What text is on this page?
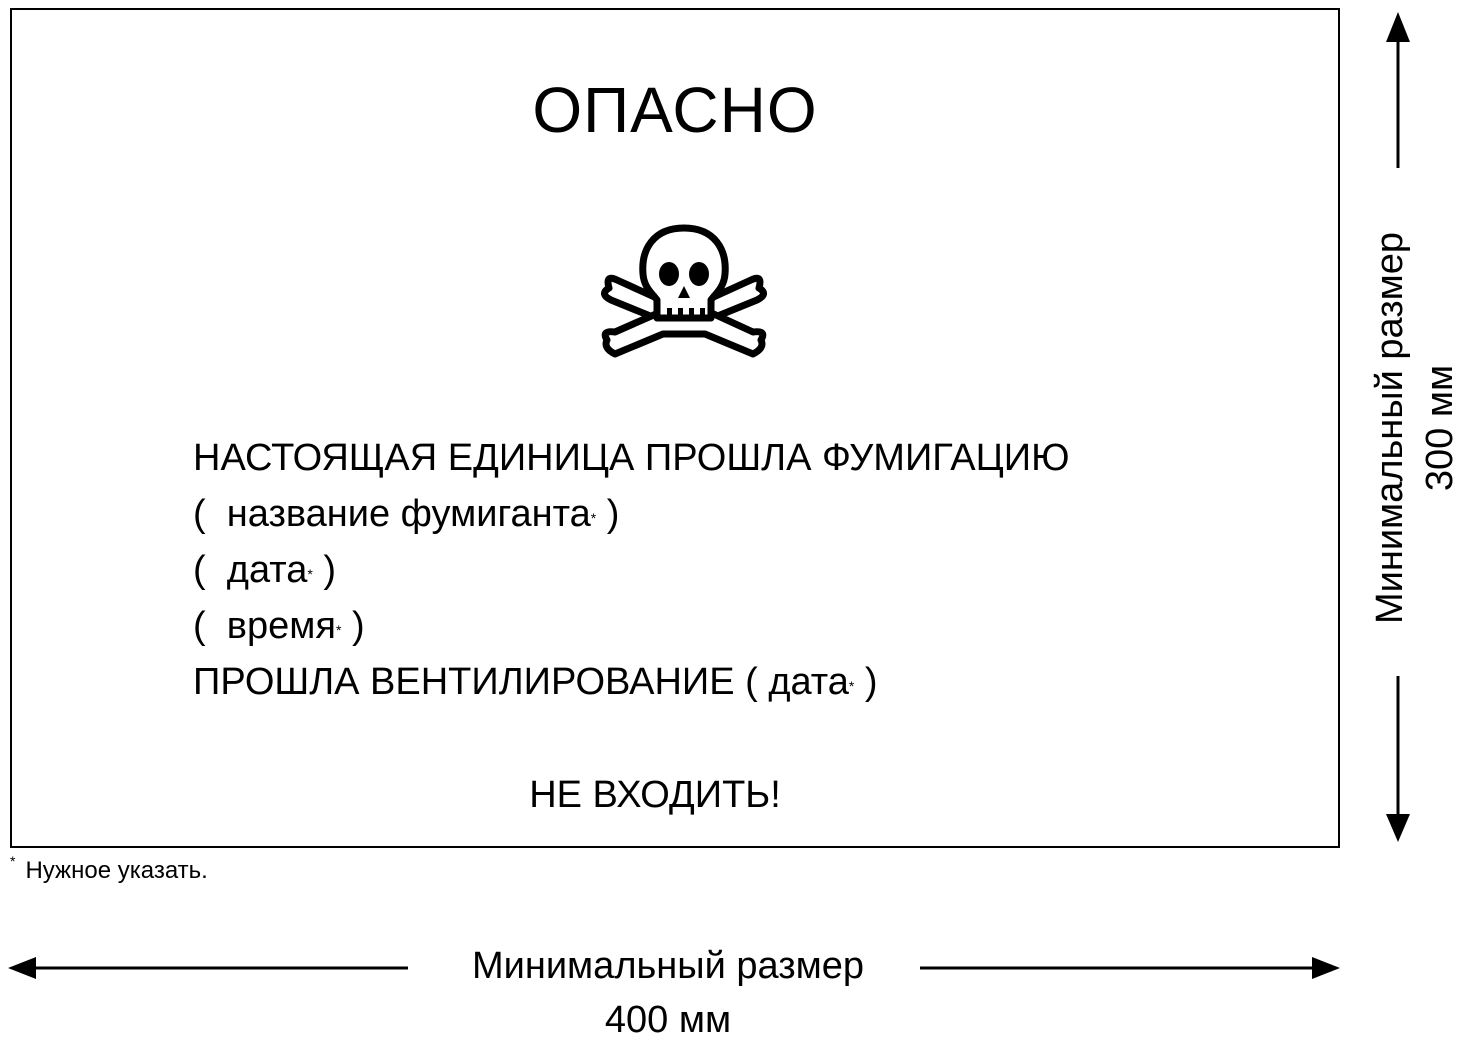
ОПАСНО
НАСТОЯЩАЯ ЕДИНИЦА ПРОШЛА ФУМИГАЦИЮ
(  название фумиганта* )
(  дата* )
(  время* )
ПРОШЛА ВЕНТИЛИРОВАНИЕ ( дата* )
НЕ ВХОДИТЬ!
* Нужное указать.
Минимальный размер
400 мм
Минимальный размер 300 мм
